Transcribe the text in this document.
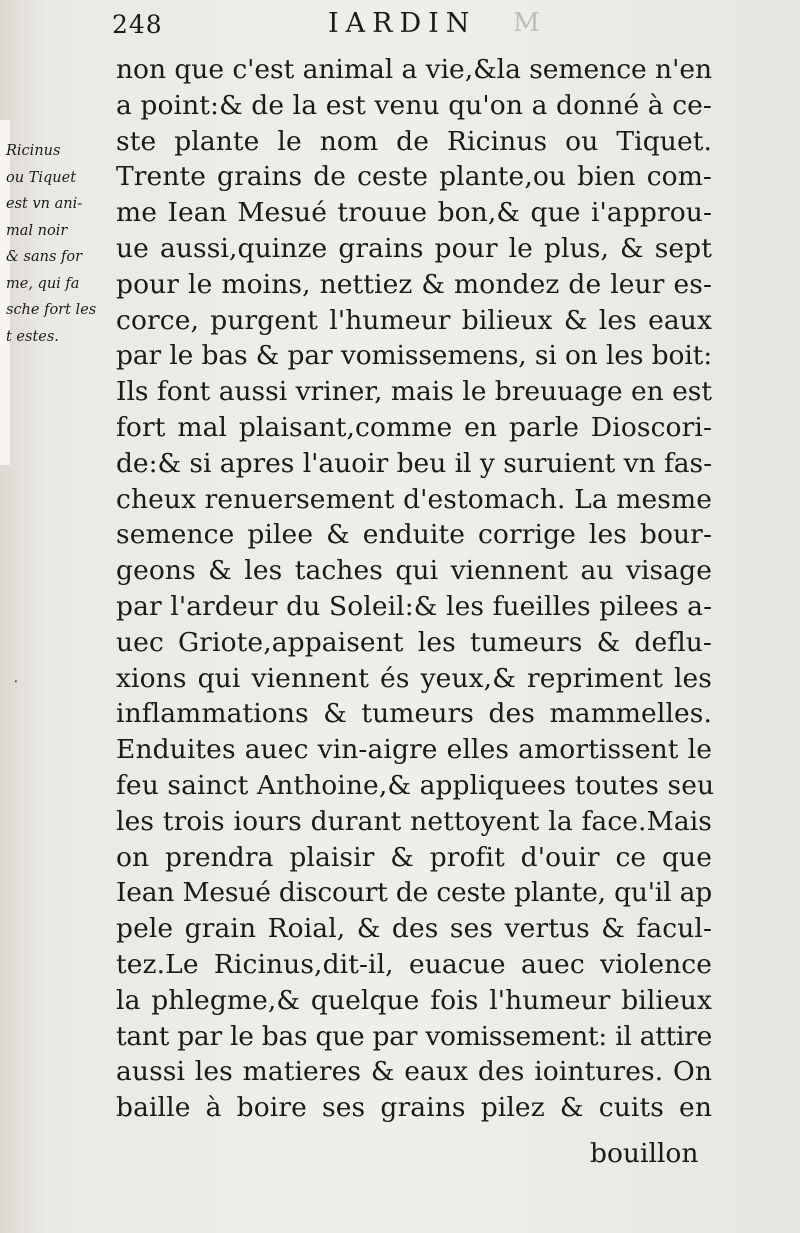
248	IARDIN M
Ricinus
ou Tiquet
est vn ani-
mal noir
& sans for
me, qui fa
sche fort les
t estes.
⸱
non que c'est animal a vie,&la semence n'en
a point:& de la est venu qu'on a donné à ce-
ste plante le nom de Ricinus ou Tiquet.
Trente grains de ceste plante,ou bien com-
me Iean Mesué trouue bon,& que i'approu-
ue aussi,quinze grains pour le plus, & sept
pour le moins, nettiez & mondez de leur es-
corce, purgent l'humeur bilieux & les eaux
par le bas & par vomissemens, si on les boit:
Ils font aussi vriner, mais le breuuage en est
fort mal plaisant,comme en parle Dioscori-
de:& si apres l'auoir beu il y suruient vn fas-
cheux renuersement d'estomach. La mesme
semence pilee & enduite corrige les bour-
geons & les taches qui viennent au visage
par l'ardeur du Soleil:& les fueilles pilees a-
uec Griote,appaisent les tumeurs & deflu-
xions qui viennent és yeux,& repriment les
inflammations & tumeurs des mammelles.
Enduites auec vin-aigre elles amortissent le
feu sainct Anthoine,& appliquees toutes seu
les trois iours durant nettoyent la face.Mais
on prendra plaisir & profit d'ouir ce que
Iean Mesué discourt de ceste plante, qu'il ap
pele grain Roial, & des ses vertus & facul-
tez.Le Ricinus,dit-il, euacue auec violence
la phlegme,& quelque fois l'humeur bilieux
tant par le bas que par vomissement: il attire
aussi les matieres & eaux des iointures. On
baille à boire ses grains pilez & cuits en
bouillon
